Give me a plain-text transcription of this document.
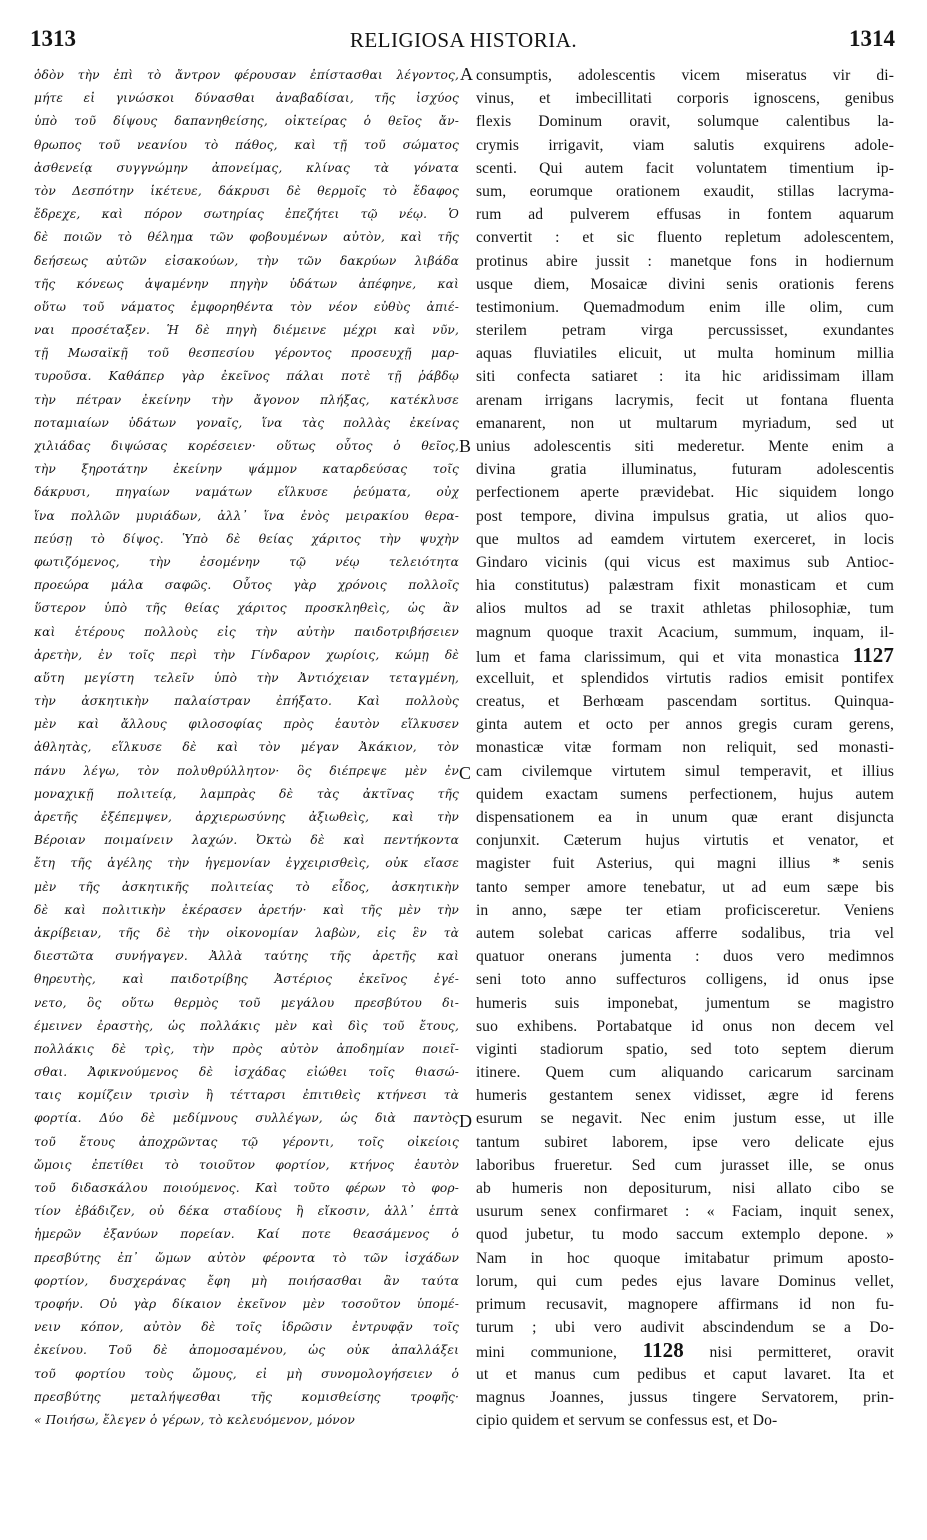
1313	RELIGIOSA HISTORIA.	1314
ὁδὸν τὴν ἐπὶ τὸ ἄντρον φέρουσαν ἐπίστασθαι λέγοντος,
μήτε εἰ γινώσκοι δύνασθαι ἀναβαδίσαι, τῆς ἰσχύος
ὑπὸ τοῦ δίψους δαπανηθείσης, οἰκτείρας ὁ θεῖος ἄν-
θρωπος τοῦ νεανίου τὸ πάθος, καὶ τῇ τοῦ σώματος
ἀσθενείᾳ συγγνώμην ἀπονείμας, κλίνας τὰ γόνατα
τὸν Δεσπότην ἱκέτευε, δάκρυσι δὲ θερμοῖς τὸ ἔδαφος
ἔδρεχε, καὶ πόρον σωτηρίας ἐπεζήτει τῷ νέῳ. Ὁ
δὲ ποιῶν τὸ θέλημα τῶν φοβουμένων αὐτὸν, καὶ τῆς
δεήσεως αὐτῶν εἰσακούων, τὴν τῶν δακρύων λιβάδα
τῆς κόνεως ἁψαμένην πηγὴν ὑδάτων ἀπέφηνε, καὶ
οὕτω τοῦ νάματος ἐμφορηθέντα τὸν νέον εὐθὺς ἀπιέ-
ναι προσέταξεν. Ἡ δὲ πηγὴ διέμεινε μέχρι καὶ νῦν,
τῇ Μωσαϊκῇ τοῦ θεσπεσίου γέροντος προσευχῇ μαρ-
τυροῦσα. Καθάπερ γὰρ ἐκεῖνος πάλαι ποτὲ τῇ ῥάβδῳ
τὴν πέτραν ἐκείνην τὴν ἄγονον πλήξας, κατέκλυσε
ποταμιαίων ὑδάτων γοναῖς, ἵνα τὰς πολλὰς ἐκείνας
χιλιάδας διψώσας κορέσειεν· οὕτως οὗτος ὁ θεῖος,
τὴν ξηροτάτην ἐκείνην ψάμμον καταρδεύσας τοῖς
δάκρυσι, πηγαίων ναμάτων εἵλκυσε ῥεύματα, οὐχ
ἵνα πολλῶν μυριάδων, ἀλλ᾽ ἵνα ἑνὸς μειρακίου θερα-
πεύσῃ τὸ δίψος. Ὑπὸ δὲ θείας χάριτος τὴν ψυχὴν
φωτιζόμενος, τὴν ἐσομένην τῷ νέῳ τελειότητα
προεώρα μάλα σαφῶς. Οὗτος γὰρ χρόνοις πολλοῖς
ὕστερον ὑπὸ τῆς θείας χάριτος προσκληθεὶς, ὡς ἂν
καὶ ἑτέρους πολλοὺς εἰς τὴν αὐτὴν παιδοτριβήσειεν
ἀρετὴν, ἐν τοῖς περὶ τὴν Γίνδαρον χωρίοις, κώμῃ δὲ
αὕτη μεγίστη τελεῖν ὑπὸ τὴν Ἀντιόχειαν τεταγμένη,
τὴν ἀσκητικὴν παλαίστραν ἐπήξατο. Καὶ πολλοὺς
μὲν καὶ ἄλλους φιλοσοφίας πρὸς ἑαυτὸν εἵλκυσεν
ἀθλητὰς, εἵλκυσε δὲ καὶ τὸν μέγαν Ἀκάκιον, τὸν
πάνυ λέγω, τὸν πολυθρύλλητον· ὃς διέπρεψε μὲν ἐν
μοναχικῇ πολιτείᾳ, λαμπρὰς δὲ τὰς ἀκτῖνας τῆς
ἀρετῆς ἐξέπεμψεν, ἀρχιερωσύνης ἀξιωθεὶς, καὶ τὴν
Βέροιαν ποιμαίνειν λαχών. Ὀκτὼ δὲ καὶ πεντήκοντα
ἔτη τῆς ἀγέλης τὴν ἡγεμονίαν ἐγχειρισθεὶς, οὐκ εἴασε
μὲν τῆς ἀσκητικῆς πολιτείας τὸ εἶδος, ἀσκητικὴν
δὲ καὶ πολιτικὴν ἐκέρασεν ἀρετήν· καὶ τῆς μὲν τὴν
ἀκρίβειαν, τῆς δὲ τὴν οἰκονομίαν λαβὼν, εἰς ἓν τὰ
διεστῶτα συνήγαγεν. Ἀλλὰ ταύτης τῆς ἀρετῆς καὶ
θηρευτὴς, καὶ παιδοτρίβης Ἀστέριος ἐκεῖνος ἐγέ-
νετο, ὃς οὕτω θερμὸς τοῦ μεγάλου πρεσβύτου δι-
έμεινεν ἐραστὴς, ὡς πολλάκις μὲν καὶ δὶς τοῦ ἔτους,
πολλάκις δὲ τρὶς, τὴν πρὸς αὐτὸν ἀποδημίαν ποιεῖ-
σθαι. Ἀφικνούμενος δὲ ἰσχάδας εἰώθει τοῖς θιασώ-
ταις κομίζειν τρισὶν ἢ τέτταρσι ἐπιτιθεὶς κτήνεσι τὰ
φορτία. Δύο δὲ μεδίμνους συλλέγων, ὡς διὰ παντὸς
τοῦ ἔτους ἀποχρῶντας τῷ γέροντι, τοῖς οἰκείοις
ὤμοις ἐπετίθει τὸ τοιοῦτον φορτίον, κτήνος ἑαυτὸν
τοῦ διδασκάλου ποιούμενος. Καὶ τοῦτο φέρων τὸ φορ-
τίον ἐβάδιζεν, οὐ δέκα σταδίους ἢ εἴκοσιν, ἀλλ᾽ ἑπτὰ
ἡμερῶν ἐξανύων πορείαν. Καί ποτε θεασάμενος ὁ
πρεσβύτης ἐπ᾽ ὤμων αὐτὸν φέροντα τὸ τῶν ἰσχάδων
φορτίον, δυσχεράνας ἔφη μὴ ποιήσασθαι ἂν ταύτα
τροφήν. Οὐ γὰρ δίκαιον ἐκεῖνον μὲν τοσοῦτον ὑπομέ-
νειν κόπον, αὐτὸν δὲ τοῖς ἱδρῶσιν ἐντρυφᾷν τοῖς
ἐκείνου. Τοῦ δὲ ἀπομοσαμένου, ὡς οὐκ ἀπαλλάξει
τοῦ φορτίου τοὺς ὤμους, εἰ μὴ συνομολογήσειεν ὁ
πρεσβύτης μεταλήψεσθαι τῆς κομισθείσης τροφῆς·
« Ποιήσω, ἔλεγεν ὁ γέρων, τὸ κελευόμενον, μόνον
A
B
C
D
consumptis, adolescentis vicem miseratus vir di-
vinus, et imbecillitati corporis ignoscens, genibus
flexis Dominum oravit, solumque calentibus la-
crymis irrigavit, viam salutis exquirens adole-
scenti. Qui autem facit voluntatem timentium ip-
sum, eorumque orationem exaudit, stillas lacryma-
rum ad pulverem effusas in fontem aquarum
convertit : et sic fluento repletum adolescentem,
protinus abire jussit : manetque fons in hodiernum
usque diem, Mosaicæ divini senis orationis ferens
testimonium. Quemadmodum enim ille olim, cum
sterilem petram virga percussisset, exundantes
aquas fluviatiles elicuit, ut multa hominum millia
siti confecta satiaret : ita hic aridissimam illam
arenam irrigans lacrymis, fecit ut fontana fluenta
emanarent, non ut multarum myriadum, sed ut
unius adolescentis siti mederetur. Mente enim a
divina gratia illuminatus, futuram adolescentis
perfectionem aperte prævidebat. Hic siquidem longo
post tempore, divina impulsus gratia, ut alios quo-
que multos ad eamdem virtutem exerceret, in locis
Gindaro vicinis (qui vicus est maximus sub Antioc-
hia constitutus) palæstram fixit monasticam et cum
alios multos ad se traxit athletas philosophiæ, tum
magnum quoque traxit Acacium, summum, inquam, il-
lum et fama clarissimum, qui et vita monastica 1127
excelluit, et splendidos virtutis radios emisit pontifex
creatus, et Berhœam pascendam sortitus. Quinqua-
ginta autem et octo per annos gregis curam gerens,
monasticæ vitæ formam non reliquit, sed monasti-
cam civilemque virtutem simul temperavit, et illius
quidem exactam sumens perfectionem, hujus autem
dispensationem ea in unum quæ erant disjuncta
conjunxit. Cæterum hujus virtutis et venator, et
magister fuit Asterius, qui magni illius * senis
tanto semper amore tenebatur, ut ad eum sæpe bis
in anno, sæpe ter etiam proficisceretur. Veniens
autem solebat caricas afferre sodalibus, tria vel
quatuor onerans jumenta : duos vero medimnos
seni toto anno suffecturos colligens, id onus ipse
humeris suis imponebat, jumentum se magistro
suo exhibens. Portabatque id onus non decem vel
viginti stadiorum spatio, sed toto septem dierum
itinere. Quem cum aliquando caricarum sarcinam
humeris gestantem senex vidisset, ægre id ferens
esurum se negavit. Nec enim justum esse, ut ille
tantum subiret laborem, ipse vero delicate ejus
laboribus frueretur. Sed cum jurasset ille, se onus
ab humeris non depositurum, nisi allato cibo se
usurum senex confirmaret : « Faciam, inquit senex,
quod jubetur, tu modo saccum extemplo depone. »
Nam in hoc quoque imitabatur primum aposto-
lorum, qui cum pedes ejus lavare Dominus vellet,
primum recusavit, magnopere affirmans id non fu-
turum ; ubi vero audivit abscindendum se a Do-
mini communione, 1128 nisi permitteret, oravit
ut et manus cum pedibus et caput lavaret. Ita et
magnus Joannes, jussus tingere Servatorem, prin-
cipio quidem et servum se confessus est, et Do-
